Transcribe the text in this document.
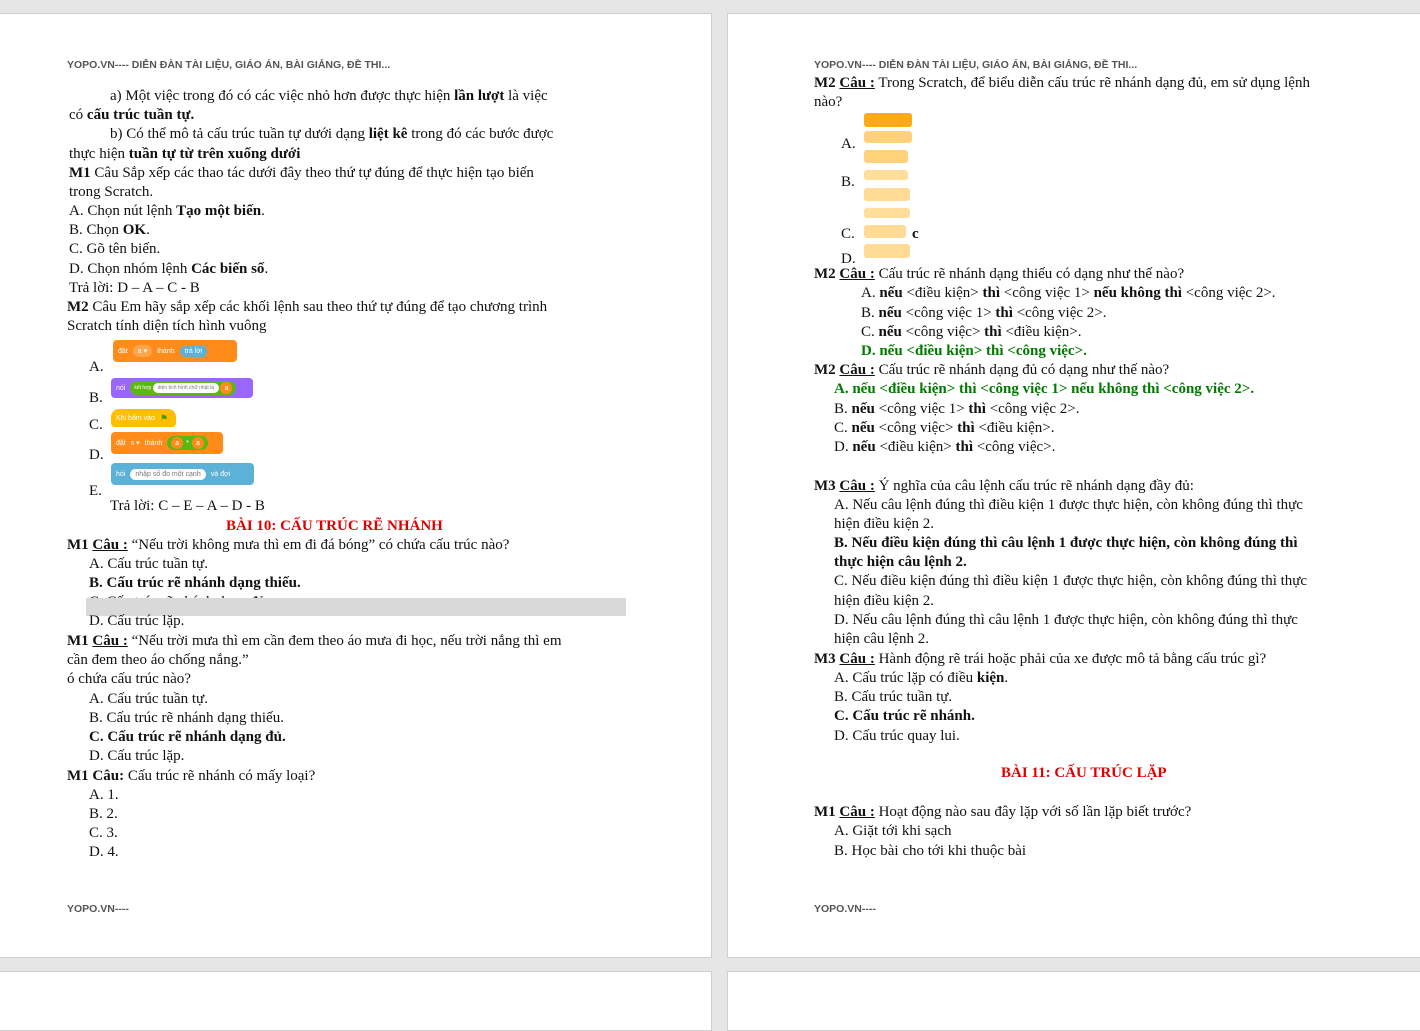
YOPO.VN---- DIỄN ĐÀN TÀI LIỆU, GIÁO ÁN, BÀI GIẢNG, ĐỀ THI...
a) Một việc trong đó có các việc nhỏ hơn được thực hiện lần lượt là việc
có cấu trúc tuần tự.
b) Có thể mô tả cấu trúc tuần tự dưới dạng liệt kê trong đó các bước được
thực hiện tuần tự từ trên xuống dưới
M1 Câu Sắp xếp các thao tác dưới đây theo thứ tự đúng để thực hiện tạo biến
trong Scratch.
A. Chọn nút lệnh Tạo một biến.
B. Chọn OK.
C. Gõ tên biến.
D. Chọn nhóm lệnh Các biến số.
Trả lời: D – A – C - B
M2 Câu Em hãy sắp xếp các khối lệnh sau theo thứ tự đúng để tạo chương trình
Scratch tính diện tích hình vuông
A.
đặt	a ▾	thành	trả lời
B.
nói kết hợp
	diện tích hình chữ nhật là
	a
C. Khi bấm vào ⚑
D.
đặt s ▾ thành	a	*	a
E.
hỏi	nhập số đo một cạnh	và đợi
Trả lời: C – E – A – D - B
BÀI 10: CẤU TRÚC RẼ NHÁNH
M1 Câu : “Nếu trời không mưa thì em đi đá bóng” có chứa cấu trúc nào?
A. Cấu trúc tuần tự.
B. Cấu trúc rẽ nhánh dạng thiếu.
D. Cấu trúc lặp.
M1 Câu : “Nếu trời mưa thì em cần đem theo áo mưa đi học, nếu trời nắng thì em
cần đem theo áo chống nắng.”
ó chứa cấu trúc nào?
A. Cấu trúc tuần tự.
B. Cấu trúc rẽ nhánh dạng thiếu.
C. Cấu trúc rẽ nhánh dạng đủ.
D. Cấu trúc lặp.
M1 Câu: Cấu trúc rẽ nhánh có mấy loại?
A. 1.
B. 2.
C. 3.
D. 4.
YOPO.VN----
YOPO.VN---- DIỄN ĐÀN TÀI LIỆU, GIÁO ÁN, BÀI GIẢNG, ĐỀ THI...
M2 Câu : Trong Scratch, để biểu diễn cấu trúc rẽ nhánh dạng đủ, em sử dụng lệnh
nào?
A.
B.
C.	c
D.
M2 Câu : Cấu trúc rẽ nhánh dạng thiếu có dạng như thế nào?
A. nếu <điều kiện> thì <công việc 1> nếu không thì <công việc 2>.
B. nếu <công việc 1> thì <công việc 2>.
C. nếu <công việc> thì <điều kiện>.
D. nếu <điều kiện> thì <công việc>.
M2 Câu : Cấu trúc rẽ nhánh dạng đủ có dạng như thế nào?
A. nếu <điều kiện> thì <công việc 1> nếu không thì <công việc 2>.
B. nếu <công việc 1> thì <công việc 2>.
C. nếu <công việc> thì <điều kiện>.
D. nếu <điều kiện> thì <công việc>.
M3 Câu : Ý nghĩa của câu lệnh cấu trúc rẽ nhánh dạng đầy đủ:
A. Nếu câu lệnh đúng thì điều kiện 1 được thực hiện, còn không đúng thì thực
hiện điều kiện 2.
B. Nếu điều kiện đúng thì câu lệnh 1 được thực hiện, còn không đúng thì
thực hiện câu lệnh 2.
C. Nếu điều kiện đúng thì điều kiện 1 được thực hiện, còn không đúng thì thực
hiện điều kiện 2.
D. Nếu câu lệnh đúng thì câu lệnh 1 được thực hiện, còn không đúng thì thực
hiện câu lệnh 2.
M3 Câu : Hành động rẽ trái hoặc phải của xe được mô tả bằng cấu trúc gì?
A. Cấu trúc lặp có điều kiện.
B. Cấu trúc tuần tự.
C. Cấu trúc rẽ nhánh.
D. Cấu trúc quay lui.
BÀI 11: CẤU TRÚC LẶP
M1 Câu : Hoạt động nào sau đây lặp với số lần lặp biết trước?
A. Giặt tới khi sạch
B. Học bài cho tới khi thuộc bài
YOPO.VN----
